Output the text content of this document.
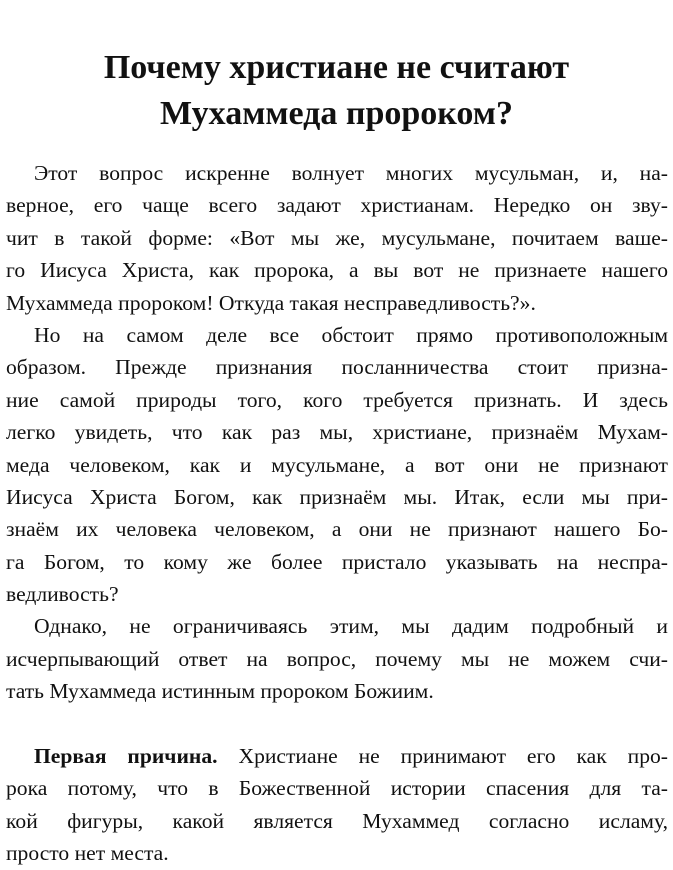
Почему христиане не считают
Мухаммеда пророком?
Этот вопрос искренне волнует многих мусульман, и, на-
верное, его чаще всего задают христианам. Нередко он зву-
чит в такой форме: «Вот мы же, мусульмане, почитаем ваше-
го Иисуса Христа, как пророка, а вы вот не признаете нашего
Мухаммеда пророком! Откуда такая несправедливость?».
Но на самом деле все обстоит прямо противоположным
образом. Прежде признания посланничества стоит призна-
ние самой природы того, кого требуется признать. И здесь
легко увидеть, что как раз мы, христиане, признаём Мухам-
меда человеком, как и мусульмане, а вот они не признают
Иисуса Христа Богом, как признаём мы. Итак, если мы при-
знаём их человека человеком, а они не признают нашего Бо-
га Богом, то кому же более пристало указывать на неспра-
ведливость?
Однако, не ограничиваясь этим, мы дадим подробный и
исчерпывающий ответ на вопрос, почему мы не можем счи-
тать Мухаммеда истинным пророком Божиим.
Первая причина. Христиане не принимают его как про-
рока потому, что в Божественной истории спасения для та-
кой фигуры, какой является Мухаммед согласно исламу,
просто нет места.
